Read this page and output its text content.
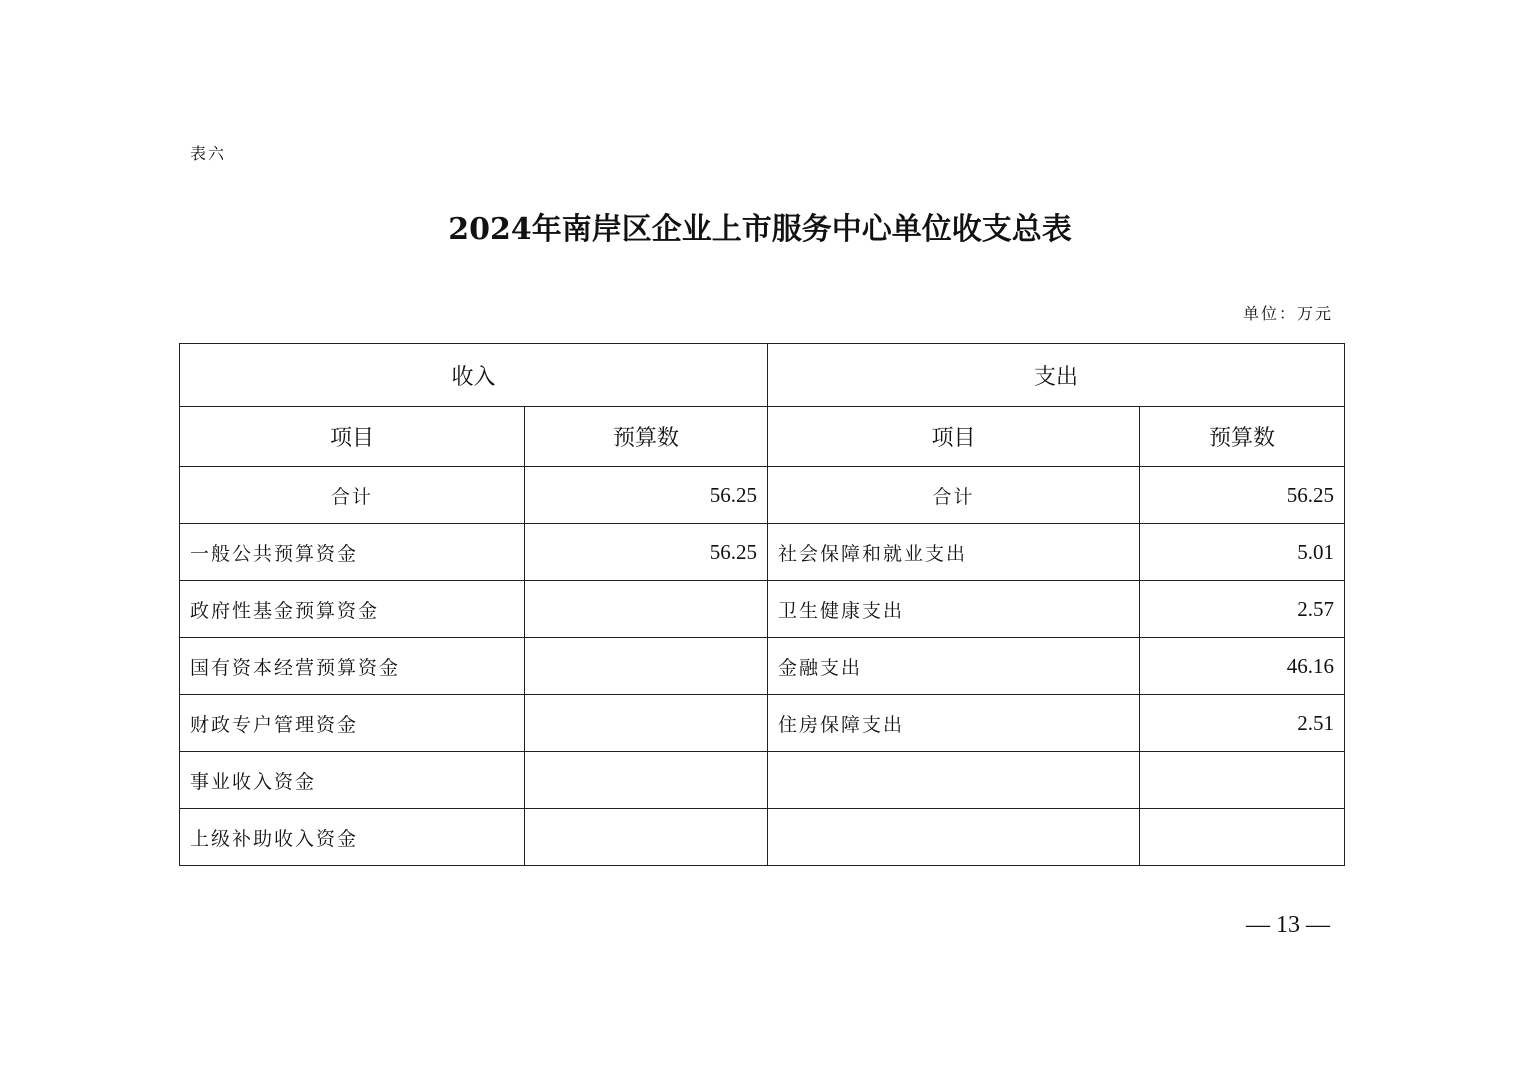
表六
2024年南岸区企业上市服务中心单位收支总表
单位：万元
收入		支出	
项目	预算数	项目	预算数
合计	56.25	合计	56.25
一般公共预算资金	56.25	社会保障和就业支出	5.01
政府性基金预算资金		卫生健康支出	2.57
国有资本经营预算资金		金融支出	46.16
财政专户管理资金		住房保障支出	2.51
事业收入资金			
上级补助收入资金			
— 13 —
